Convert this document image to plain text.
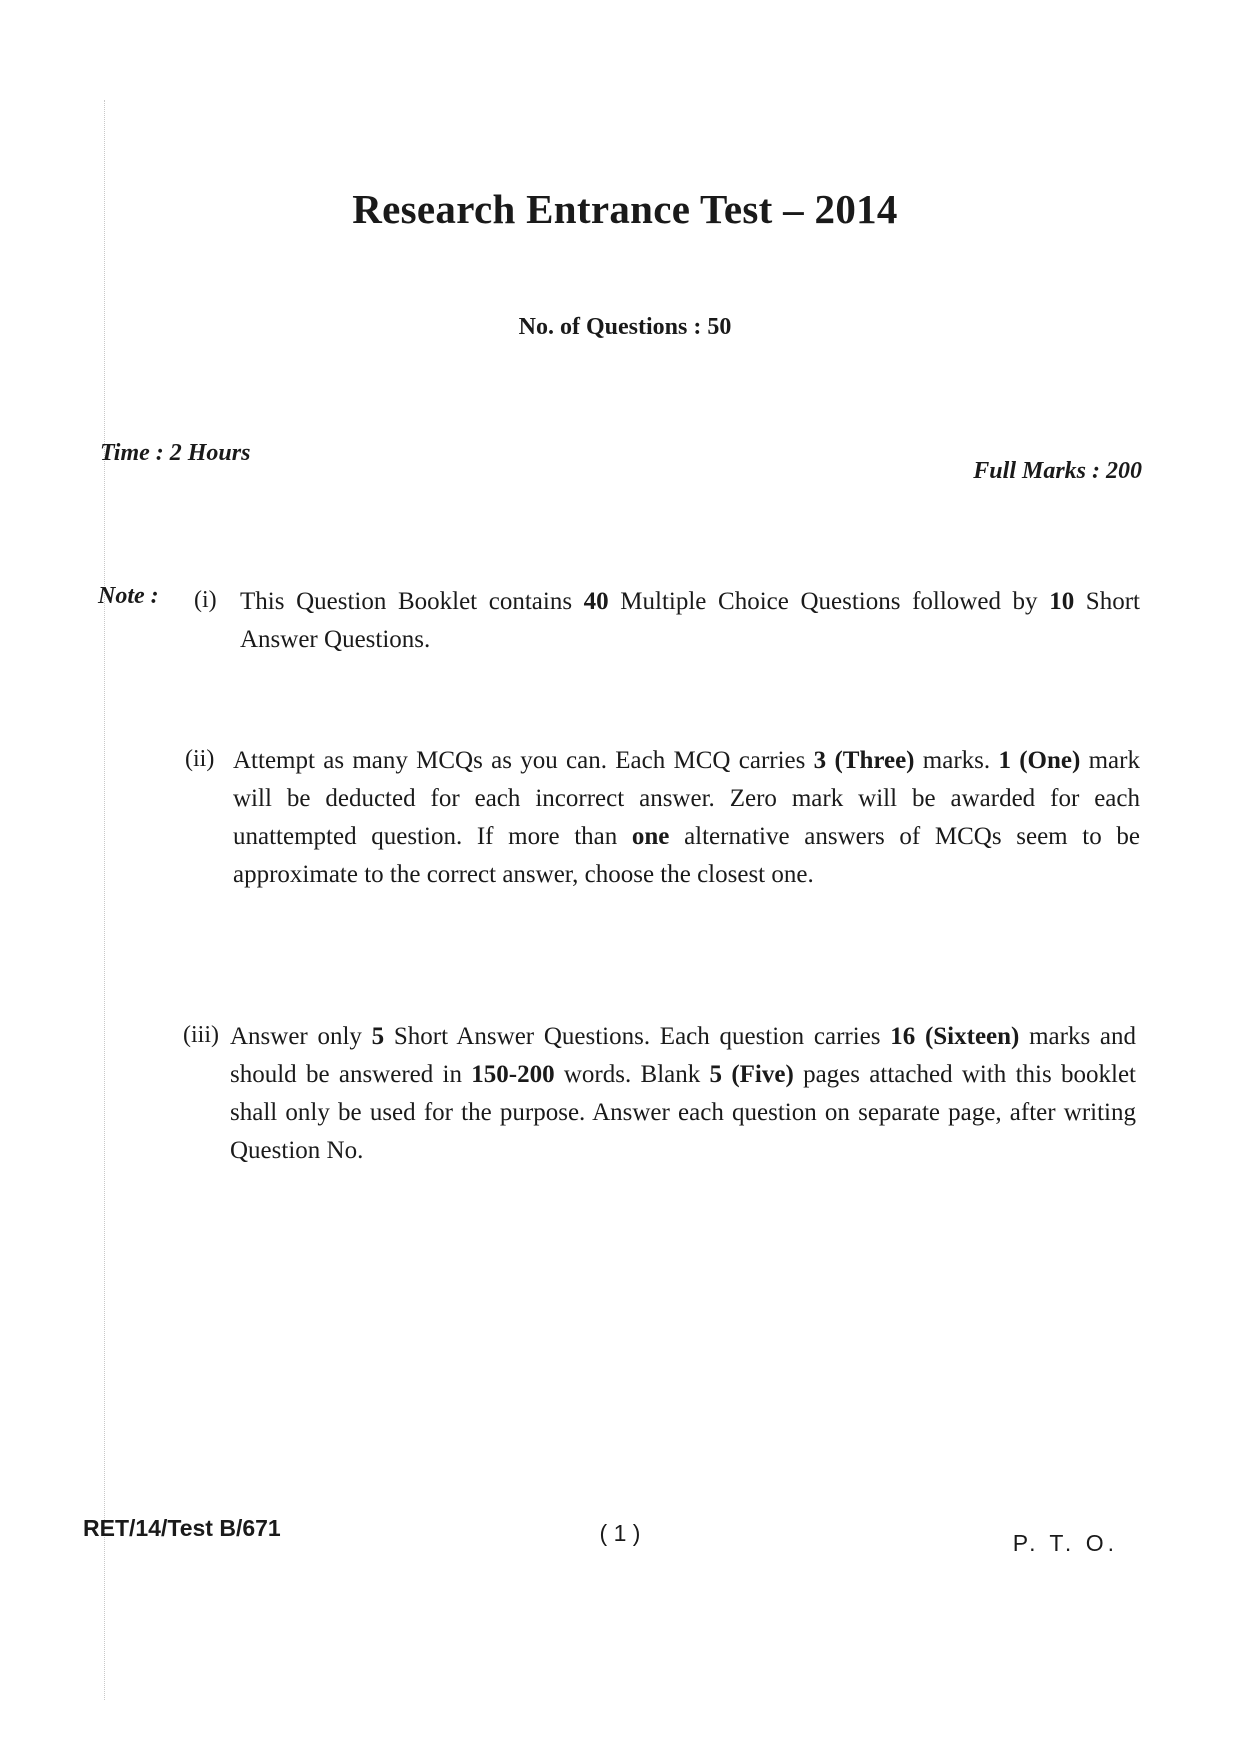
Research Entrance Test – 2014
No. of Questions : 50
Time : 2 Hours
Full Marks : 200
Note : (i) This Question Booklet contains 40 Multiple Choice Questions followed by 10 Short Answer Questions.
(ii) Attempt as many MCQs as you can. Each MCQ carries 3 (Three) marks. 1 (One) mark will be deducted for each incorrect answer. Zero mark will be awarded for each unattempted question. If more than one alternative answers of MCQs seem to be approximate to the correct answer, choose the closest one.
(iii) Answer only 5 Short Answer Questions. Each question carries 16 (Sixteen) marks and should be answered in 150-200 words. Blank 5 (Five) pages attached with this booklet shall only be used for the purpose. Answer each question on separate page, after writing Question No.
RET/14/Test B/671	( 1 )	P. T. O.
